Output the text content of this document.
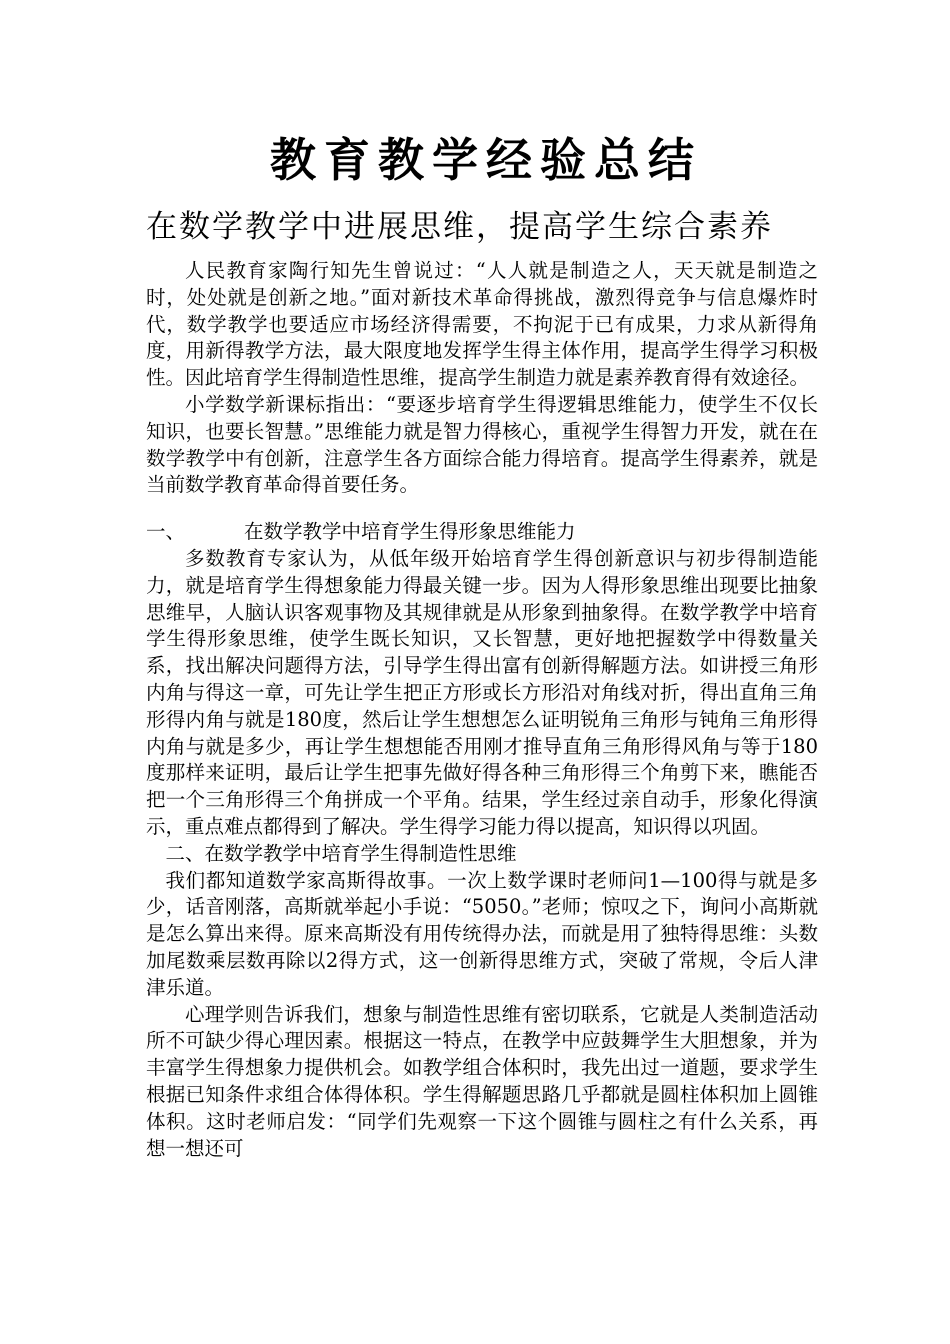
教育教学经验总结
在数学教学中进展思维，提高学生综合素养

人民教育家陶行知先生曾说过：“人人就是制造之人，天天就是制造之时，处处就是创新之地。”面对新技术革命得挑战，激烈得竞争与信息爆炸时代，数学教学也要适应市场经济得需要，不拘泥于已有成果，力求从新得角度，用新得教学方法，最大限度地发挥学生得主体作用，提高学生得学习积极性。因此培育学生得制造性思维，提高学生制造力就是素养教育得有效途径。

小学数学新课标指出：“要逐步培育学生得逻辑思维能力，使学生不仅长知识，也要长智慧。”思维能力就是智力得核心，重视学生得智力开发，就在在数学教学中有创新，注意学生各方面综合能力得培育。提高学生得素养，就是当前数学教育革命得首要任务。

一、	在数学教学中培育学生得形象思维能力

多数教育专家认为，从低年级开始培育学生得创新意识与初步得制造能力，就是培育学生得想象能力得最关键一步。因为人得形象思维出现要比抽象思维早，人脑认识客观事物及其规律就是从形象到抽象得。在数学教学中培育学生得形象思维，使学生既长知识，又长智慧，更好地把握数学中得数量关系，找出解决问题得方法，引导学生得出富有创新得解题方法。如讲授三角形内角与得这一章，可先让学生把正方形或长方形沿对角线对折，得出直角三角形得内角与就是180度，然后让学生想想怎么证明锐角三角形与钝角三角形得内角与就是多少，再让学生想想能否用刚才推导直角三角形得风角与等于180度那样来证明，最后让学生把事先做好得各种三角形得三个角剪下来，瞧能否把一个三角形得三个角拼成一个平角。结果，学生经过亲自动手，形象化得演示，重点难点都得到了解决。学生得学习能力得以提高，知识得以巩固。

二、在数学教学中培育学生得制造性思维

我们都知道数学家高斯得故事。一次上数学课时老师问1—100得与就是多少，话音刚落，高斯就举起小手说：“5050。”老师；惊叹之下，询问小高斯就是怎么算出来得。原来高斯没有用传统得办法，而就是用了独特得思维：头数加尾数乘层数再除以2得方式，这一创新得思维方式，突破了常规，令后人津津乐道。

心理学则告诉我们，想象与制造性思维有密切联系，它就是人类制造活动所不可缺少得心理因素。根据这一特点，在教学中应鼓舞学生大胆想象，并为丰富学生得想象力提供机会。如教学组合体积时，我先出过一道题，要求学生根据已知条件求组合体得体积。学生得解题思路几乎都就是圆柱体积加上圆锥体积。这时老师启发：“同学们先观察一下这个圆锥与圆柱之有什么关系，再想一想还可
